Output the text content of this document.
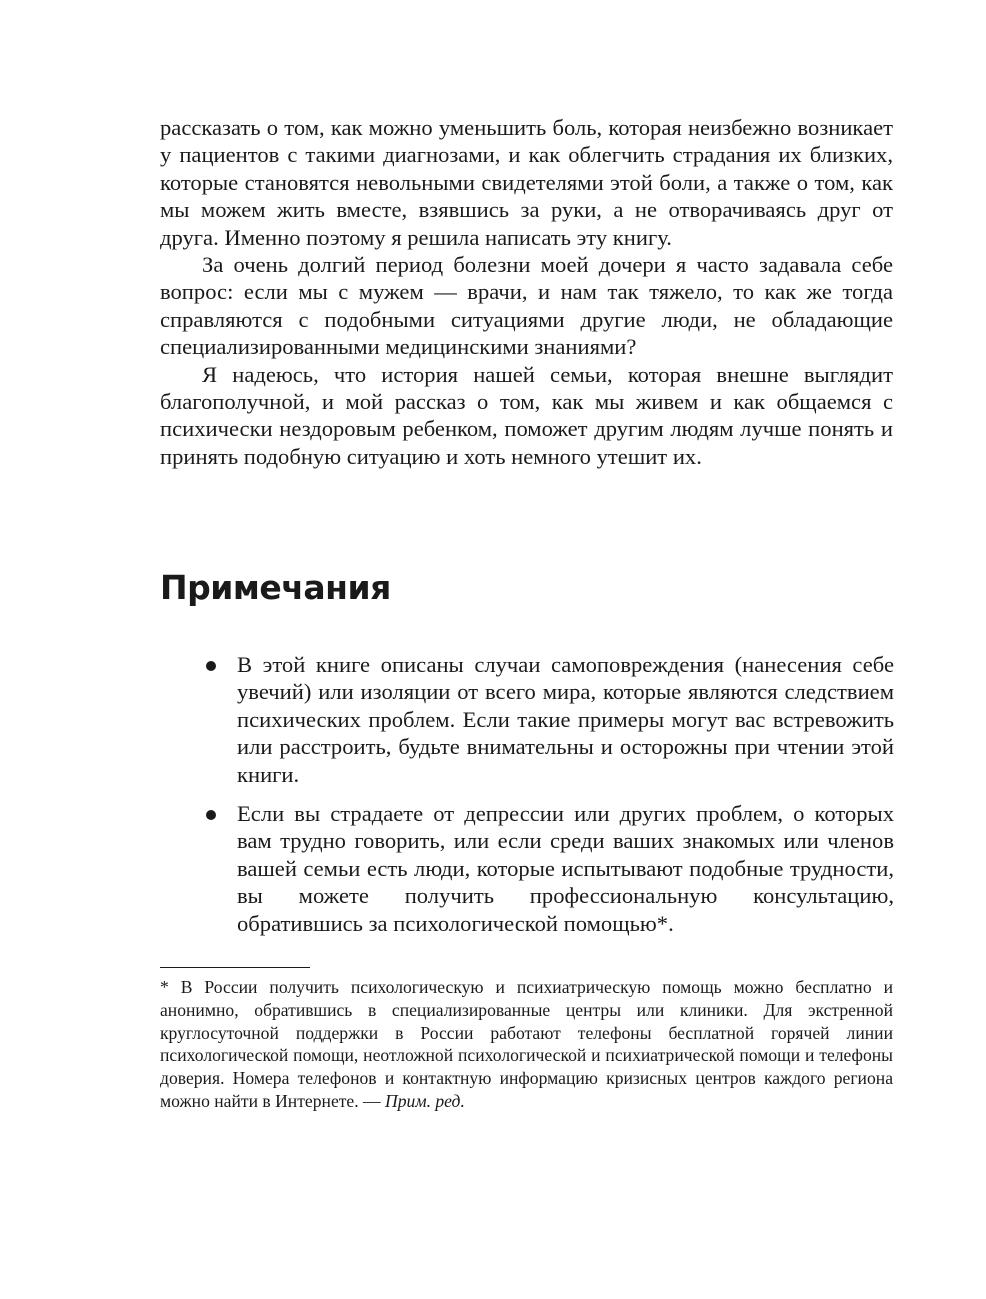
рассказать о том, как можно уменьшить боль, которая неизбежно возникает у пациентов с такими диагнозами, и как облегчить страдания их близких, которые становятся невольными свидетелями этой боли, а также о том, как мы можем жить вместе, взявшись за руки, а не отворачиваясь друг от друга. Именно поэтому я решила написать эту книгу.

За очень долгий период болезни моей дочери я часто задавала себе вопрос: если мы с мужем — врачи, и нам так тяжело, то как же тогда справляются с подобными ситуациями другие люди, не обладающие специализированными медицинскими знаниями?

Я надеюсь, что история нашей семьи, которая внешне выглядит благополучной, и мой рассказ о том, как мы живем и как общаемся с психически нездоровым ребенком, поможет другим людям лучше понять и принять подобную ситуацию и хоть немного утешит их.

Примечания
В этой книге описаны случаи самоповреждения (нанесения себе увечий) или изоляции от всего мира, которые являются следствием психических проблем. Если такие примеры могут вас встревожить или расстроить, будьте внимательны и осторожны при чтении этой книги.
Если вы страдаете от депрессии или других проблем, о которых вам трудно говорить, или если среди ваших знакомых или членов вашей семьи есть люди, которые испытывают подобные трудности, вы можете получить профессиональную консультацию, обратившись за психологической помощью*.

* В России получить психологическую и психиатрическую помощь можно бесплатно и анонимно, обратившись в специализированные центры или клиники. Для экстренной круглосуточной поддержки в России работают телефоны бесплатной горячей линии психологической помощи, неотложной психологической и психиатрической помощи и телефоны доверия. Номера телефонов и контактную информацию кризисных центров каждого региона можно найти в Интернете. — Прим. ред.
